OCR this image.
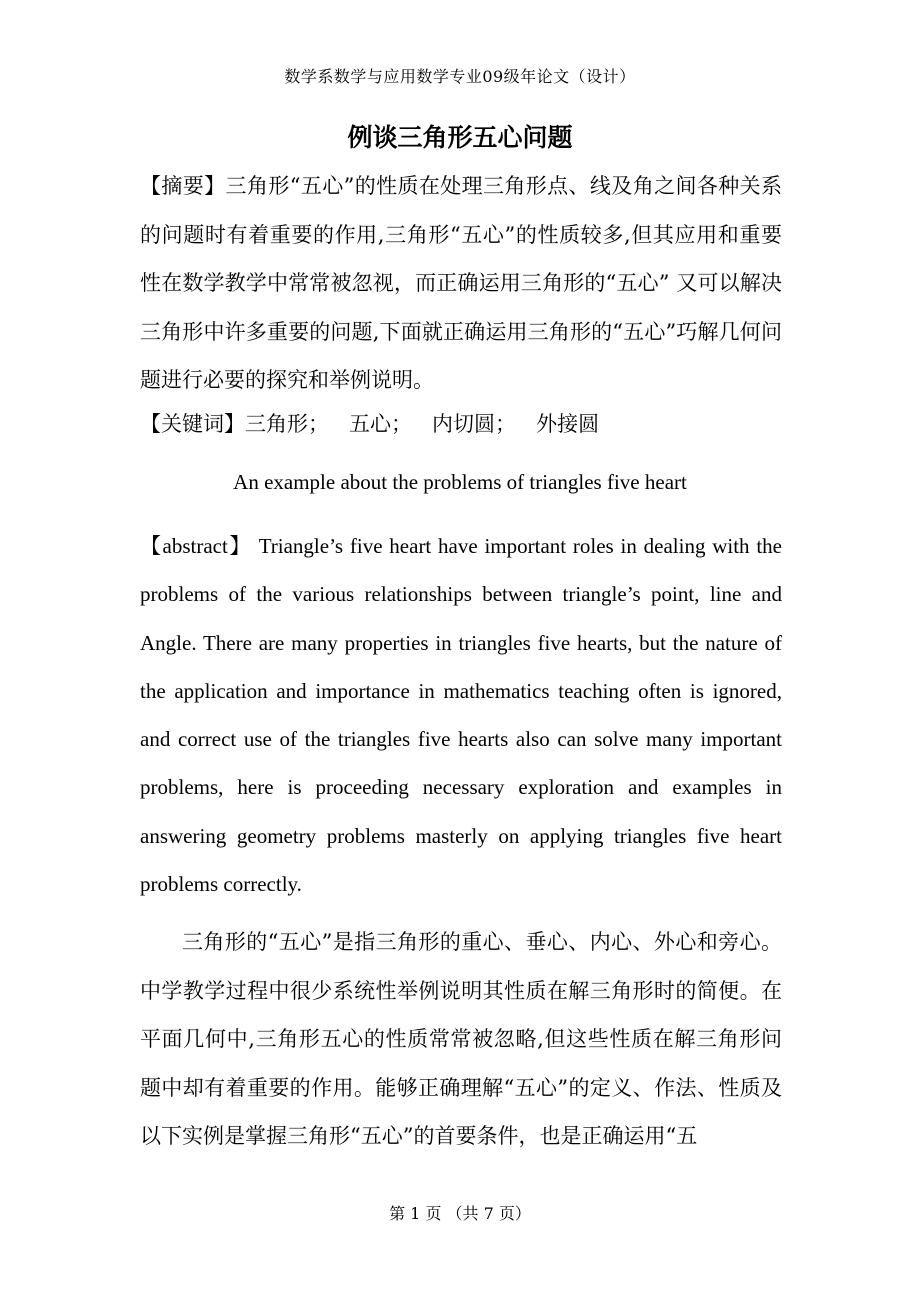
数学系数学与应用数学专业09级年论文（设计）
例谈三角形五心问题
【摘要】三角形“五心”的性质在处理三角形点、线及角之间各种关系的问题时有着重要的作用,三角形“五心”的性质较多,但其应用和重要性在数学教学中常常被忽视，而正确运用三角形的“五心” 又可以解决三角形中许多重要的问题,下面就正确运用三角形的“五心”巧解几何问题进行必要的探究和举例说明。
【关键词】三角形；   五心；   内切圆；   外接圆
An example about the problems of triangles five heart
【abstract】 Triangle’s five heart have important roles in dealing with the problems of the various relationships between triangle’s point, line and Angle. There are many properties in triangles five hearts, but the nature of the application and importance in mathematics teaching often is ignored, and correct use of the triangles five hearts also can solve many important problems, here is proceeding necessary exploration and examples in answering geometry problems masterly on applying triangles five heart problems correctly.
三角形的“五心”是指三角形的重心、垂心、内心、外心和旁心。中学教学过程中很少系统性举例说明其性质在解三角形时的简便。在平面几何中,三角形五心的性质常常被忽略,但这些性质在解三角形问题中却有着重要的作用。能够正确理解“五心”的定义、作法、性质及以下实例是掌握三角形“五心”的首要条件，也是正确运用“五
第 1 页 （共 7 页）
